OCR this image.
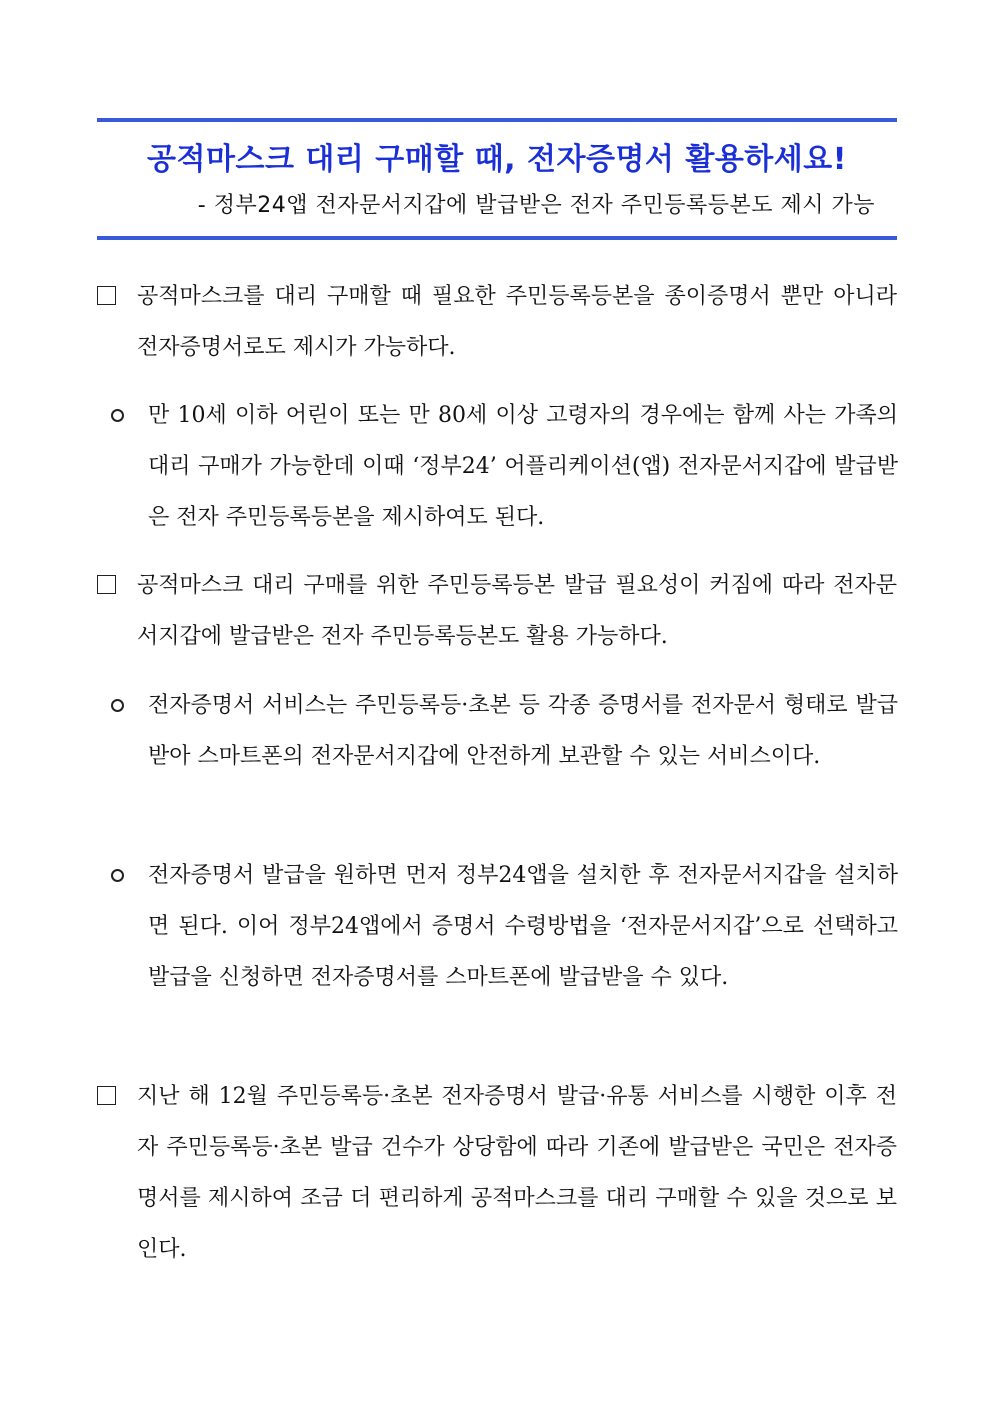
공적마스크 대리 구매할 때, 전자증명서 활용하세요!

- 정부24앱 전자문서지갑에 발급받은 전자 주민등록등본도 제시 가능

공적마스크를 대리 구매할 때 필요한 주민등록등본을 종이증명서 뿐만 아니라 전자증명서로도 제시가 가능하다.

만 10세 이하 어린이 또는 만 80세 이상 고령자의 경우에는 함께 사는 가족의 대리 구매가 가능한데 이때 ‘정부24’ 어플리케이션(앱) 전자문서지갑에 발급받은 전자 주민등록등본을 제시하여도 된다.

공적마스크 대리 구매를 위한 주민등록등본 발급 필요성이 커짐에 따라 전자문서지갑에 발급받은 전자 주민등록등본도 활용 가능하다.

전자증명서 서비스는 주민등록등·초본 등 각종 증명서를 전자문서 형태로 발급받아 스마트폰의 전자문서지갑에 안전하게 보관할 수 있는 서비스이다.

전자증명서 발급을 원하면 먼저 정부24앱을 설치한 후 전자문서지갑을 설치하면 된다. 이어 정부24앱에서 증명서 수령방법을 ‘전자문서지갑’으로 선택하고 발급을 신청하면 전자증명서를 스마트폰에 발급받을 수 있다.

지난 해 12월 주민등록등·초본 전자증명서 발급·유통 서비스를 시행한 이후 전자 주민등록등·초본 발급 건수가 상당함에 따라 기존에 발급받은 국민은 전자증명서를 제시하여 조금 더 편리하게 공적마스크를 대리 구매할 수 있을 것으로 보인다.
